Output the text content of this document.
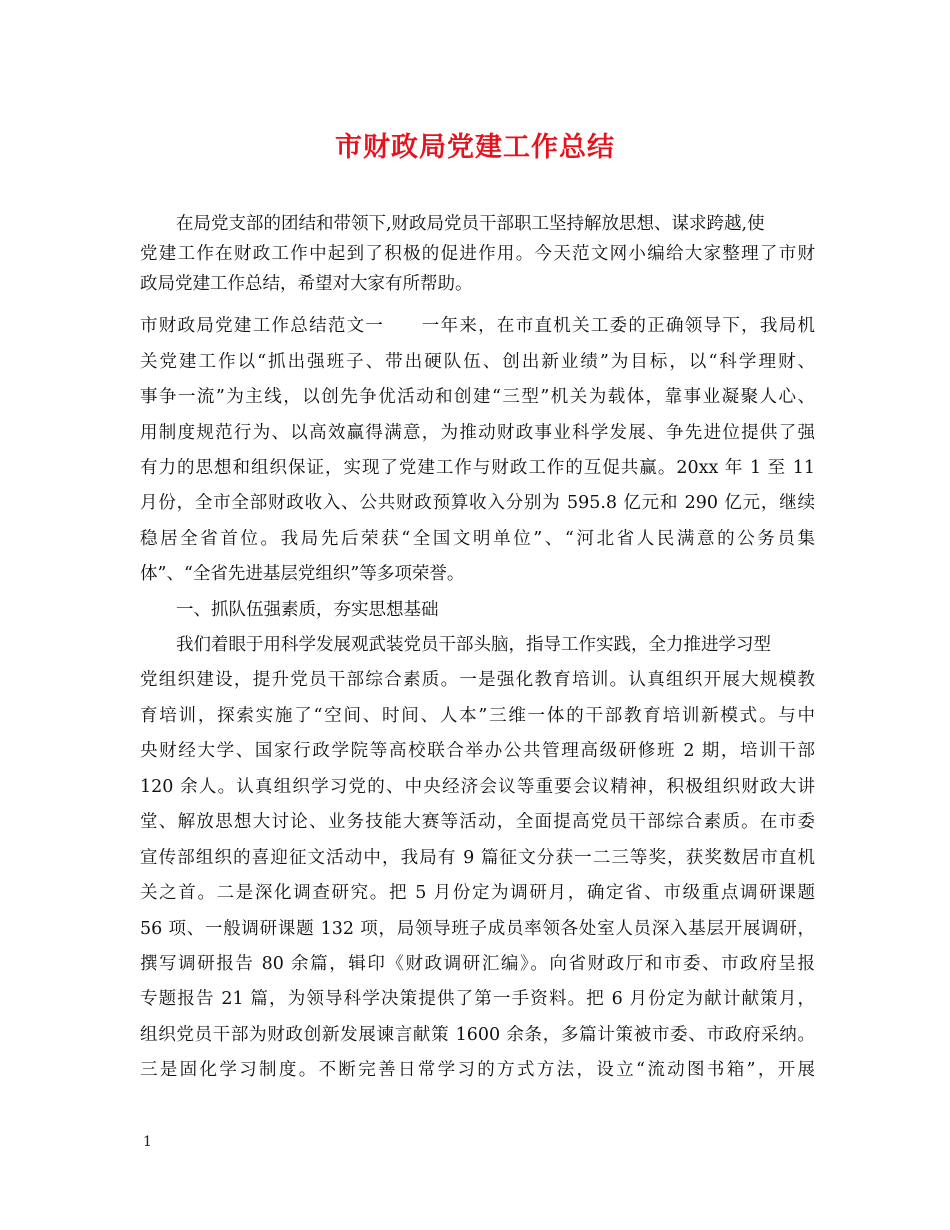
市财政局党建工作总结
在局党支部的团结和带领下,财政局党员干部职工坚持解放思想、谋求跨越,使
党建工作在财政工作中起到了积极的促进作用。今天范文网小编给大家整理了市财
政局党建工作总结，希望对大家有所帮助。
市财政局党建工作总结范文一　　一年来，在市直机关工委的正确领导下，我局机
关党建工作以“抓出强班子、带出硬队伍、创出新业绩”为目标，以“科学理财、
事争一流”为主线，以创先争优活动和创建“三型”机关为载体，靠事业凝聚人心、
用制度规范行为、以高效赢得满意，为推动财政事业科学发展、争先进位提供了强
有力的思想和组织保证，实现了党建工作与财政工作的互促共赢。20xx 年 1 至 11
月份，全市全部财政收入、公共财政预算收入分别为 595.8 亿元和 290 亿元，继续
稳居全省首位。我局先后荣获“全国文明单位”、“河北省人民满意的公务员集
体”、“全省先进基层党组织”等多项荣誉。
一、抓队伍强素质，夯实思想基础
我们着眼于用科学发展观武装党员干部头脑，指导工作实践，全力推进学习型
党组织建设，提升党员干部综合素质。一是强化教育培训。认真组织开展大规模教
育培训，探索实施了“空间、时间、人本”三维一体的干部教育培训新模式。与中
央财经大学、国家行政学院等高校联合举办公共管理高级研修班 2 期，培训干部
120 余人。认真组织学习党的、中央经济会议等重要会议精神，积极组织财政大讲
堂、解放思想大讨论、业务技能大赛等活动，全面提高党员干部综合素质。在市委
宣传部组织的喜迎征文活动中，我局有 9 篇征文分获一二三等奖，获奖数居市直机
关之首。二是深化调查研究。把 5 月份定为调研月，确定省、市级重点调研课题
56 项、一般调研课题 132 项，局领导班子成员率领各处室人员深入基层开展调研，
撰写调研报告 80 余篇，辑印《财政调研汇编》。向省财政厅和市委、市政府呈报
专题报告 21 篇，为领导科学决策提供了第一手资料。把 6 月份定为献计献策月，
组织党员干部为财政创新发展谏言献策 1600 余条，多篇计策被市委、市政府采纳。
三是固化学习制度。不断完善日常学习的方式方法，设立“流动图书箱”，开展
1
